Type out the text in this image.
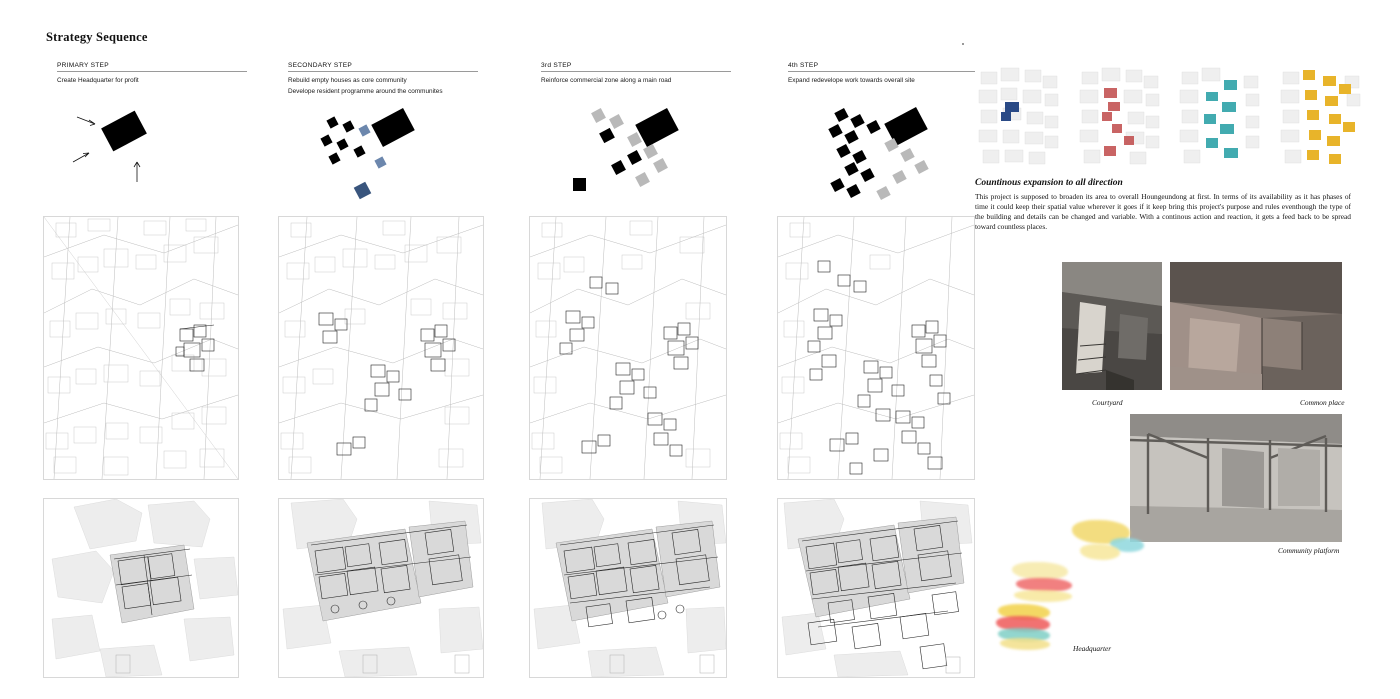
Strategy Sequence
PRIMARY STEP
Create Headquarter for profit
SECONDARY STEP
Rebuild empty houses as core community
Develope resident programme around the communites
3rd STEP
Reinforce commercial zone along a main road
4th STEP
Expand redevelope work towards overall site
Countinous expansion to all direction
This project is supposed to broaden its area to overall Houngeundong at first. In terms of its availability as it has phases of time it could keep their spatial value wherever it goes if it keep bring this project's purpose and rules eventhough the type of the building and details can be changed and variable. With a continous action and reaction, it gets a feed back to be spread toward countless places.
Courtyard	Common place
Community platform
Headquarter
